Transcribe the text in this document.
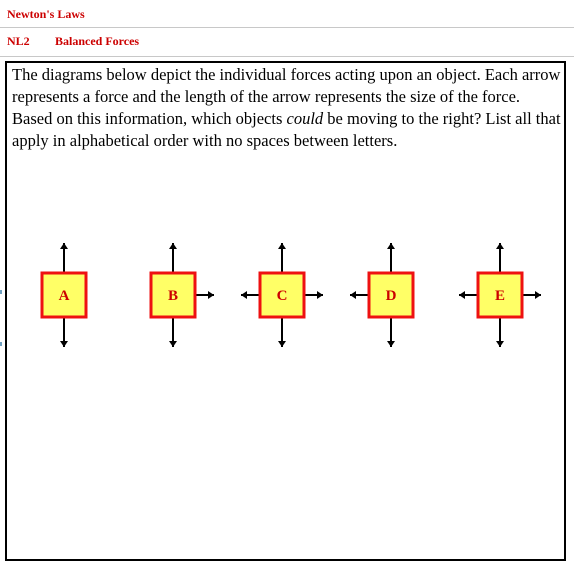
Newton's Laws
NL2 Balanced Forces
The diagrams below depict the individual forces acting upon an object. Each arrow represents a force and the length of the arrow represents the size of the force. Based on this information, which objects could be moving to the right? List all that apply in alphabetical order with no spaces between letters.
A	B	C	D	E
